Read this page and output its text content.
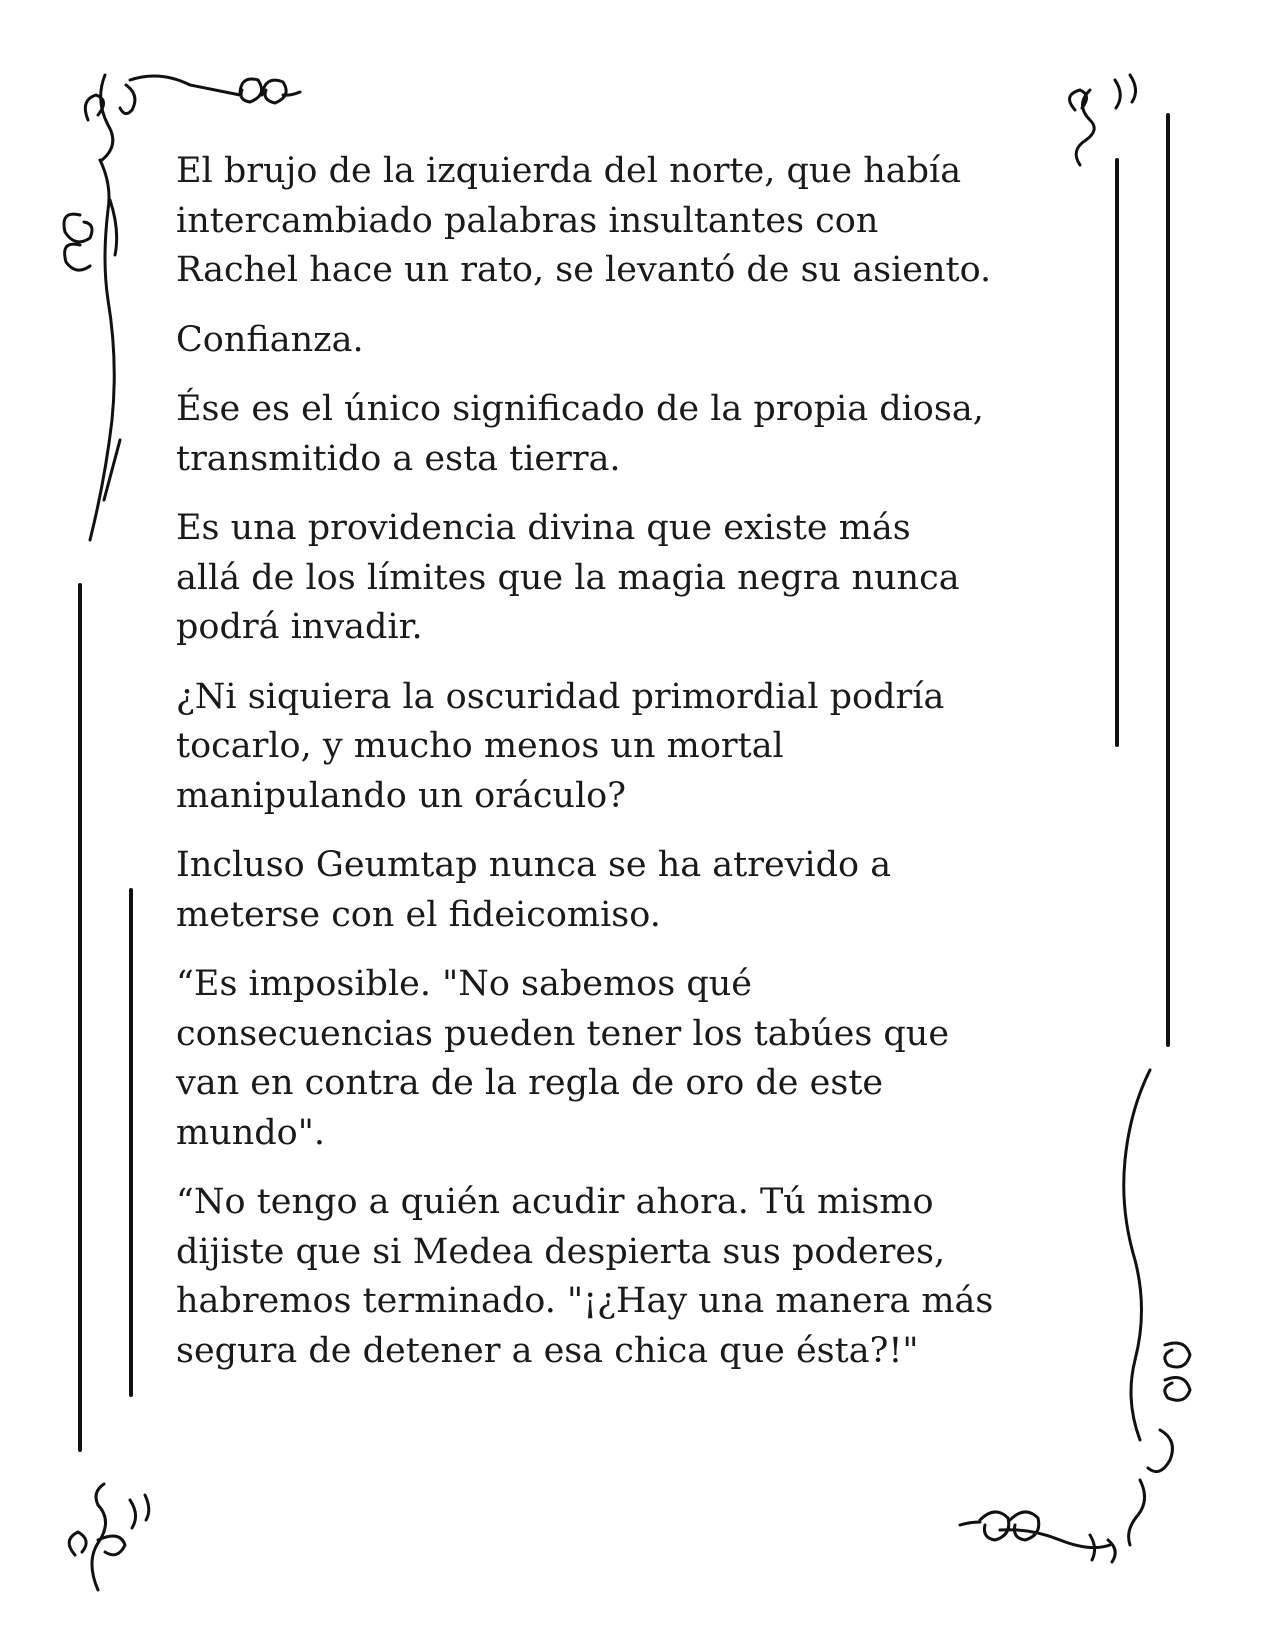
El brujo de la izquierda del norte, que había
intercambiado palabras insultantes con
Rachel hace un rato, se levantó de su asiento.

Confianza.

Ése es el único significado de la propia diosa,
transmitido a esta tierra.

Es una providencia divina que existe más
allá de los límites que la magia negra nunca
podrá invadir.

¿Ni siquiera la oscuridad primordial podría
tocarlo, y mucho menos un mortal
manipulando un oráculo?

Incluso Geumtap nunca se ha atrevido a
meterse con el fideicomiso.

“Es imposible. "No sabemos qué
consecuencias pueden tener los tabúes que
van en contra de la regla de oro de este
mundo".

“No tengo a quién acudir ahora. Tú mismo
dijiste que si Medea despierta sus poderes,
habremos terminado. "¡¿Hay una manera más
segura de detener a esa chica que ésta?!"
